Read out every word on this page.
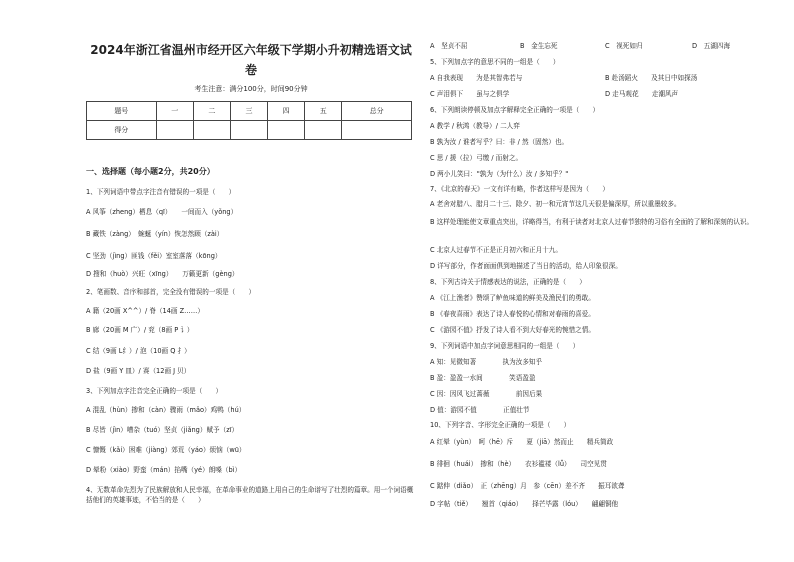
2024年浙江省温州市经开区六年级下学期小升初精选语文试
卷
考生注意：满分100分，时间90分钟
题号	一	二	三	四	五	总分
得分						
一、选择题（每小题2分，共20分）
1、下列词语中带点字注音有错误的一项是（　　）
A 风筝（zheng）栖息（qī）　　一间而入（yǒng）
B 藏铁（zàng）　蜿蜒（yín）恢怎然顾（zài）
C 坚劲（jìng）匪钱（fěi）室室落落（kōng）
D 搜和（huò）兴旺（xīng）　　万籁更新（gèng）
2、笔画数、音序和部首，完全没有错误的一项是（　　）
A 籍（20画 X^^）/ 脊（14画 Z……）
B 廊（20画 M 广）/ 兖（8画 P 讠）
C 结（9画 L纟）/ 泡（10画 Q 扌）
D 盐（9画 Y 皿）/ 赛（12画 J 贝）
3、下列加点字注音完全正确的一项是（　　）
A 混乱（hùn）掺和（càn）骤雨（mǎo）鸡鸭（hú）
B 尽皆（jìn）嘈杂（tuó）坚贞（jiǎng）赋予（zī）
C 慷慨（kǎi）困难（jiàng）郊荒（yáo）烦恼（wū）
D 晕粉（xiào）野蛮（mán）掐嘴（yé）朗嗓（bì）
4、无数革命先烈为了民族解放和人民幸福，在革命事业的道路上用自己的生命谱写了壮烈的篇章。用一个词语概括他们的英雄事迹，不恰当的是（　　）
A　坚贞不屈	B　金生忘死	C　视死如归	D　五湖四海
5、下列加点字的意思不同的一组是（　　）
A 自我表现　　为是其智弗若与	B 赴汤蹈火　　及其日中如探汤
C 声泪俱下　　虽与之俱学	D 走马观花　　走潮风声
6、下列朗读停顿及加点字解释完全正确的一项是（　　）
A 教学 / 秋鸿（教导）/ 二人弈
B 孰为汝 / 谁者写乎？曰：非 / 然（固然）也。
C 思 / 援（拉）弓缴 / 而射之。
D 两小儿笑曰："孰为（为什么）汝 / 多知乎？"
7、《北京的春天》一文有详有略，作者这样写是因为（　　）
A 老舍对腊八、腊月二十三、除夕、初一和元宵节这几天很是偏深厚，所以重墨较多。
B 这样处理能使文章重点突出，详略得当，有利于读者对北京人过春节独特的习俗有全面的了解和深刻的认识。
C 北京人过春节不正是正月初六和正月十九。
D 详写部分，作者面面俱到地描述了当日的活动，给人印象很深。
8、下列古诗关于情感表达的说法，正确的是（　　）
A 《江上渔者》赞颂了鲈鱼味道的鲜美及渔民们的勇敢。
B 《春夜喜雨》表达了诗人春悦的心情和对春雨的喜爱。
C 《游园不值》抒发了诗人看不到大好春光的惋惜之情。
9、下列词语中加点字词意思相同的一组是（　　）
A 知：见微知著　　　　执为汝多知乎
B 盈：盈盈一水间　　　　笑语盈盈
C 因：因风飞过蔷薇　　　　前因后果
D 值：游园不值　　　　正值壮节
10、下列字音、字形完全正确的一项是（　　）
A 红晕（yùn）　呵（hē）斥　　夏（jiā）然而止　　精兵简政
B 徘徊（huái）　掺和（hè）　　衣衫褴褛（lǚ）　　司空见贯
C 踮伸（diǎo）　正（zhēng）月　参（cēn）差不齐　　振耳欲聋
D 字帖（tiě）　　翘首（qiáo）　　择芒毕露（lóu）　　翩翩铜他
